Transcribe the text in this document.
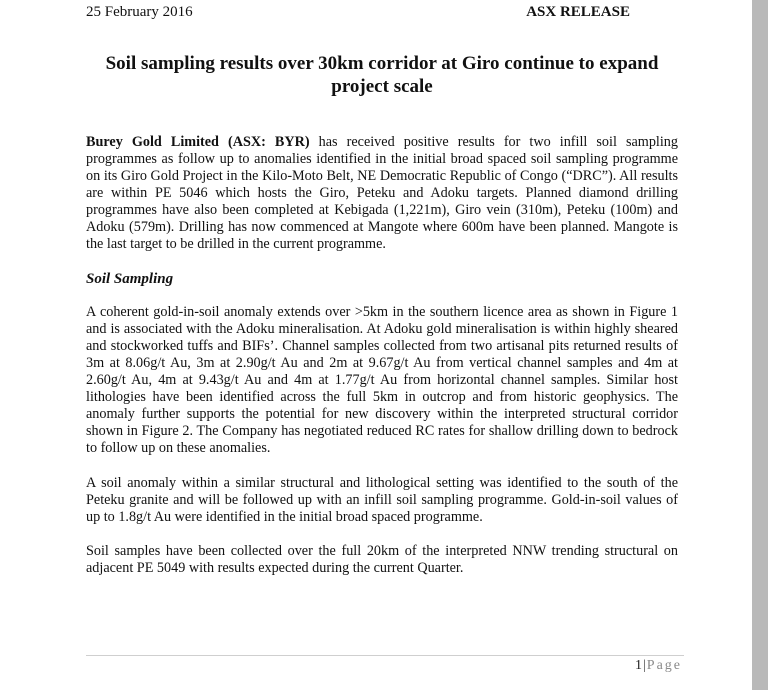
25 February 2016	ASX RELEASE
Soil sampling results over 30km corridor at Giro continue to expand project scale
Burey Gold Limited (ASX: BYR) has received positive results for two infill soil sampling programmes as follow up to anomalies identified in the initial broad spaced soil sampling programme on its Giro Gold Project in the Kilo-Moto Belt, NE Democratic Republic of Congo (“DRC”). All results are within PE 5046 which hosts the Giro, Peteku and Adoku targets. Planned diamond drilling programmes have also been completed at Kebigada (1,221m), Giro vein (310m), Peteku (100m) and Adoku (579m). Drilling has now commenced at Mangote where 600m have been planned. Mangote is the last target to be drilled in the current programme.
Soil Sampling
A coherent gold-in-soil anomaly extends over >5km in the southern licence area as shown in Figure 1 and is associated with the Adoku mineralisation. At Adoku gold mineralisation is within highly sheared and stockworked tuffs and BIFs’. Channel samples collected from two artisanal pits returned results of 3m at 8.06g/t Au, 3m at 2.90g/t Au and 2m at 9.67g/t Au from vertical channel samples and 4m at 2.60g/t Au, 4m at 9.43g/t Au and 4m at 1.77g/t Au from horizontal channel samples. Similar host lithologies have been identified across the full 5km in outcrop and from historic geophysics. The anomaly further supports the potential for new discovery within the interpreted structural corridor shown in Figure 2. The Company has negotiated reduced RC rates for shallow drilling down to bedrock to follow up on these anomalies.
A soil anomaly within a similar structural and lithological setting was identified to the south of the Peteku granite and will be followed up with an infill soil sampling programme. Gold-in-soil values of up to 1.8g/t Au were identified in the initial broad spaced programme.
Soil samples have been collected over the full 20km of the interpreted NNW trending structural on adjacent PE 5049 with results expected during the current Quarter.
1|Page
